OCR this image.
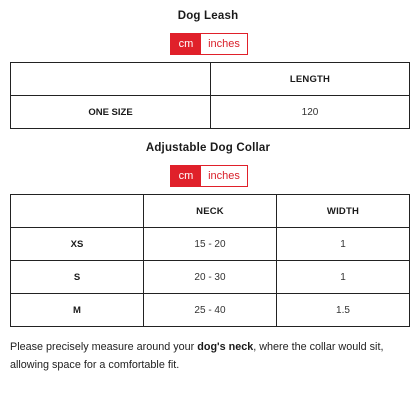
Dog Leash
cm	inches
	LENGTH
ONE SIZE	120
Adjustable Dog Collar
cm	inches
	NECK	WIDTH
XS	15 - 20	1
S	20 - 30	1
M	25 - 40	1.5
Please precisely measure around your dog's neck, where the collar would sit, allowing space for a comfortable fit.
